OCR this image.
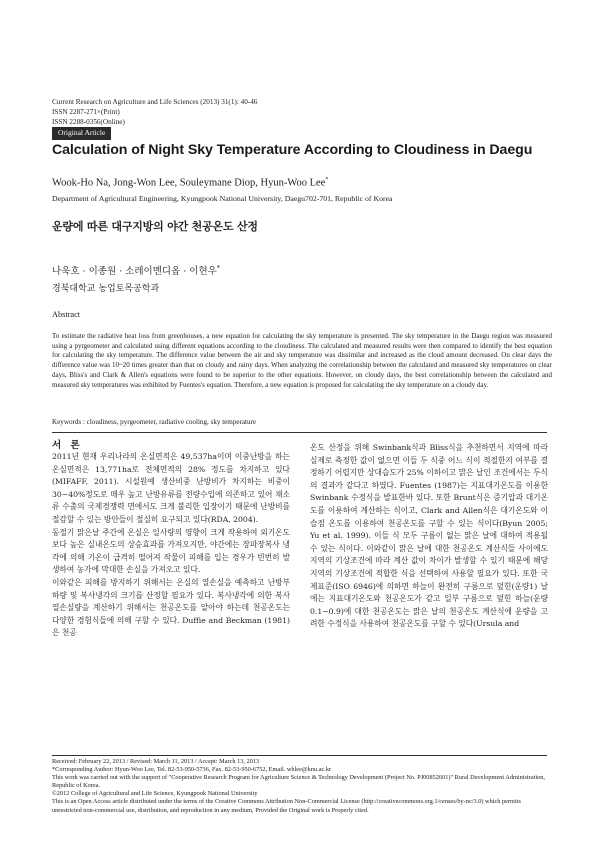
Current Research on Agriculture and Life Sciences (2013) 31(1): 40-46
ISSN 2287-271×(Print)
ISSN 2288-0356(Online)
Original Article
Calculation of Night Sky Temperature According to Cloudiness in Daegu
Wook-Ho Na, Jong-Won Lee, Souleymane Diop, Hyun-Woo Lee*
Department of Agricultural Engineering, Kyungpook National University, Daegu702-701, Republic of Korea
운량에 따른 대구지방의 야간 천공온도 산정
나욱호 · 이종원 · 소레이멘디옵 · 이현우*
경북대학교 농업토목공학과
Abstract
To estimate the radiative heat loss from greenhouses, a new equation for calculating the sky temperature is presented. The sky temperature in the Daegu region was measured using a pyrgeometer and calculated using different equations according to the cloudiness. The calculated and measured results were then compared to identify the best equation for calculating the sky temperature. The difference value between the air and sky temperature was dissimilar and increased as the cloud amount decreased. On clear days the difference value was 10~20 times greater than that on cloudy and rainy days. When analyzing the correlationship between the calculated and measured sky temperatures on clear days, Bliss's and Clark & Allen's equations were found to be superior to the other equations. However, on cloudy days, the best correlationship between the calculated and measured sky temperatures was exhibited by Fuentes's equation. Therefore, a new equation is proposed for calculating the sky temperature on a cloudy day.
Keywords : cloudiness, pyrgeometer, radiative cooling, sky temperature
서 론

2011년 현재 우리나라의 온실면적은 49,537ha이며 이중난방을 하는 온실면적은 13,771ha로 전체면적의 28% 정도를 차지하고 있다(MIFAFF, 2011). 시설원예 생산비중 난방비가 차지하는 비중이 30~40%정도로 매우 높고 난방유류를 전량수입에 의존하고 있어 채소류 수출의 국제경쟁력 면에서도 크게 불리한 입장이기 때문에 난방비를 절감할 수 있는 방안들이 절실히 요구되고 있다(RDA, 2004).

동절기 맑은날 주간에 온실은 일사량의 영향이 크게 작용하여 외기온도 보다 높은 실내온도의 상승효과를 가져오지만, 야간에는 장파장복사 냉각에 의해 기온이 급격히 떨어져 작물이 피해를 입는 경우가 빈번히 발생하여 농가에 막대한 손실을 가져오고 있다.

이와같은 피해를 방지하기 위해서는 온실의 열손실을 예측하고 난방부하량 및 복사냉각의 크기를 산정할 필요가 있다. 복사냉각에 의한 복사열손실량을 계산하기 위해서는 천공온도를 알아야 하는데 천공온도는 다양한 경험식들에 의해 구할 수 있다. Duffie and Beckman (1981)은 천공

온도 산정을 위해 Swinbank식과 Bliss식을 추천하면서 지역에 따라 실제로 측정한 값이 없으면 이들 두 식중 어느 식이 적절한지 여부를 결정하기 어렵지만 상대습도가 25% 이하이고 맑은 날인 조건에서는 두식의 결과가 같다고 하였다. Fuentes (1987)는 지표대기온도를 이용한 Swinbank 수정식을 발표한바 있다. 또한 Brunt식은 증기압과 대기온도를 이용하여 계산하는 식이고, Clark and Allen식은 대기온도와 이슬점 온도를 이용하여 천공온도를 구할 수 있는 식이다(Byun 2005; Yu et al. 1999). 이들 식 모두 구름이 없는 맑은 날에 대하여 적용될 수 있는 식이다. 이와같이 맑은 날에 대한 천공온도 계산식들 사이에도 지역의 기상조건에 따라 계산 값이 차이가 발생할 수 있기 때문에 해당지역의 기상조건에 적합한 식을 선택하여 사용할 필요가 있다. 또한 국제표준(ISO 6946)에 의하면 하늘이 완전히 구름으로 덮힌(운량1) 날에는 지표대기온도와 천공온도가 같고 일부 구름으로 덮힌 하늘(운량0.1~0.9)에 대한 천공온도는 맑은 날의 천공온도 계산식에 운량을 고려한 수정식을 사용하여 천공온도를 구할 수 있다(Ursula and

Received: February 22, 2013 / Revised: March 11, 2013 / Accept: March 13, 2013
*Corresponding Author: Hyun-Woo Lee, Tel. 82-53-950-5736, Fax. 82-53-950-6752, Email. whlee@knu.ac.kr
This work was carried out with the support of "Cooperative Research Program for Agriculture Science & Technology Development (Project No. PJ00852601)" Rural Development Administration, Republic of Korea.
©2012 College of Agricultural and Life Science, Kyungpook National University
This is an Open Access article distributed under the terms of the Creative Commons Attribution Non-Commercial License (http://creativecommons.org.1/censes/by-nc/3.0) which permits unrestricted non-commercial use, distribution, and reproduction in any medium, Provided the Original work is Properly cited.
